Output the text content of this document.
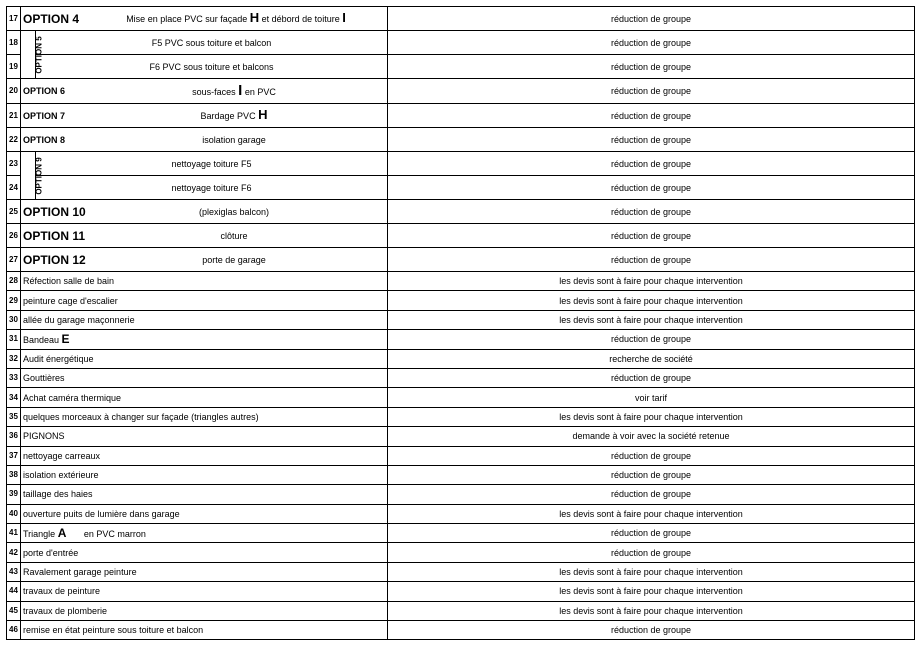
17	OPTION 4 Mise en place PVC sur façade H et débord de toiture I		réduction de groupe
18	OPTION 5	F5 PVC sous toiture et balcon	réduction de groupe
19		F6 PVC sous toiture et balcons	réduction de groupe
20	OPTION 6 sous-faces I en PVC		réduction de groupe
21	OPTION 7 Bardage PVC H		réduction de groupe
22	OPTION 8 isolation garage		réduction de groupe
23	OPTION 9	nettoyage toiture F5	réduction de groupe
24		nettoyage toiture F6	réduction de groupe
25	OPTION 10 (plexiglas balcon)		réduction de groupe
26	OPTION 11 clôture		réduction de groupe
27	OPTION 12 porte de garage		réduction de groupe
28	Réfection salle de bain		les devis sont à faire pour chaque intervention
29	peinture cage d'escalier		les devis sont à faire pour chaque intervention
30	allée du garage maçonnerie		les devis sont à faire pour chaque intervention
31	Bandeau E		réduction de groupe
32	Audit énergétique		recherche de société
33	Gouttières		réduction de groupe
34	Achat caméra thermique		voir tarif
35	quelques morceaux à changer sur façade (triangles autres)		les devis sont à faire pour chaque intervention
36	PIGNONS		demande à voir avec la société retenue
37	nettoyage carreaux		réduction de groupe
38	isolation extérieure		réduction de groupe
39	taillage des haies		réduction de groupe
40	ouverture puits de lumière dans garage		les devis sont à faire pour chaque intervention
41	Triangle A       en PVC marron		réduction de groupe
42	porte d'entrée		réduction de groupe
43	Ravalement garage peinture		les devis sont à faire pour chaque intervention
44	travaux de peinture		les devis sont à faire pour chaque intervention
45	travaux de plomberie		les devis sont à faire pour chaque intervention
46	remise en état peinture sous toiture et balcon		réduction de groupe
